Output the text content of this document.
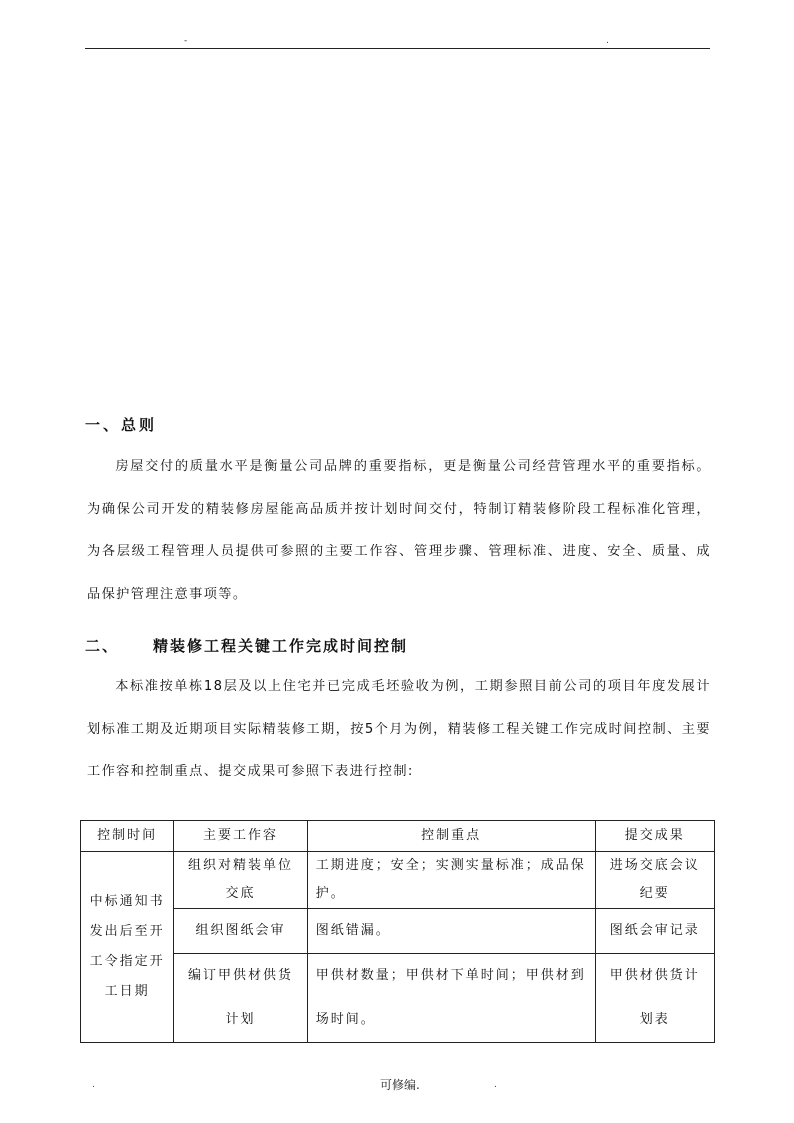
-	.
一、总则
房屋交付的质量水平是衡量公司品牌的重要指标，更是衡量公司经营管理水平的重要指标。为确保公司开发的精装修房屋能高品质并按计划时间交付，特制订精装修阶段工程标准化管理，为各层级工程管理人员提供可参照的主要工作容、管理步骤、管理标准、进度、安全、质量、成品保护管理注意事项等。
二、 精装修工程关键工作完成时间控制
本标准按单栋18层及以上住宅并已完成毛坯验收为例，工期参照目前公司的项目年度发展计划标准工期及近期项目实际精装修工期，按5个月为例，精装修工程关键工作完成时间控制、主要工作容和控制重点、提交成果可参照下表进行控制:
控制时间	主要工作容	控制重点	提交成果
中标通知书发出后至开工令指定开工日期	组织对精装单位交底	工期进度；安全；实测实量标准；成品保护。	进场交底会议纪要
	组织图纸会审	图纸错漏。	图纸会审记录
	编订甲供材供货计划	甲供材数量；甲供材下单时间；甲供材到场时间。	甲供材供货计划表
.	可修编.	.
